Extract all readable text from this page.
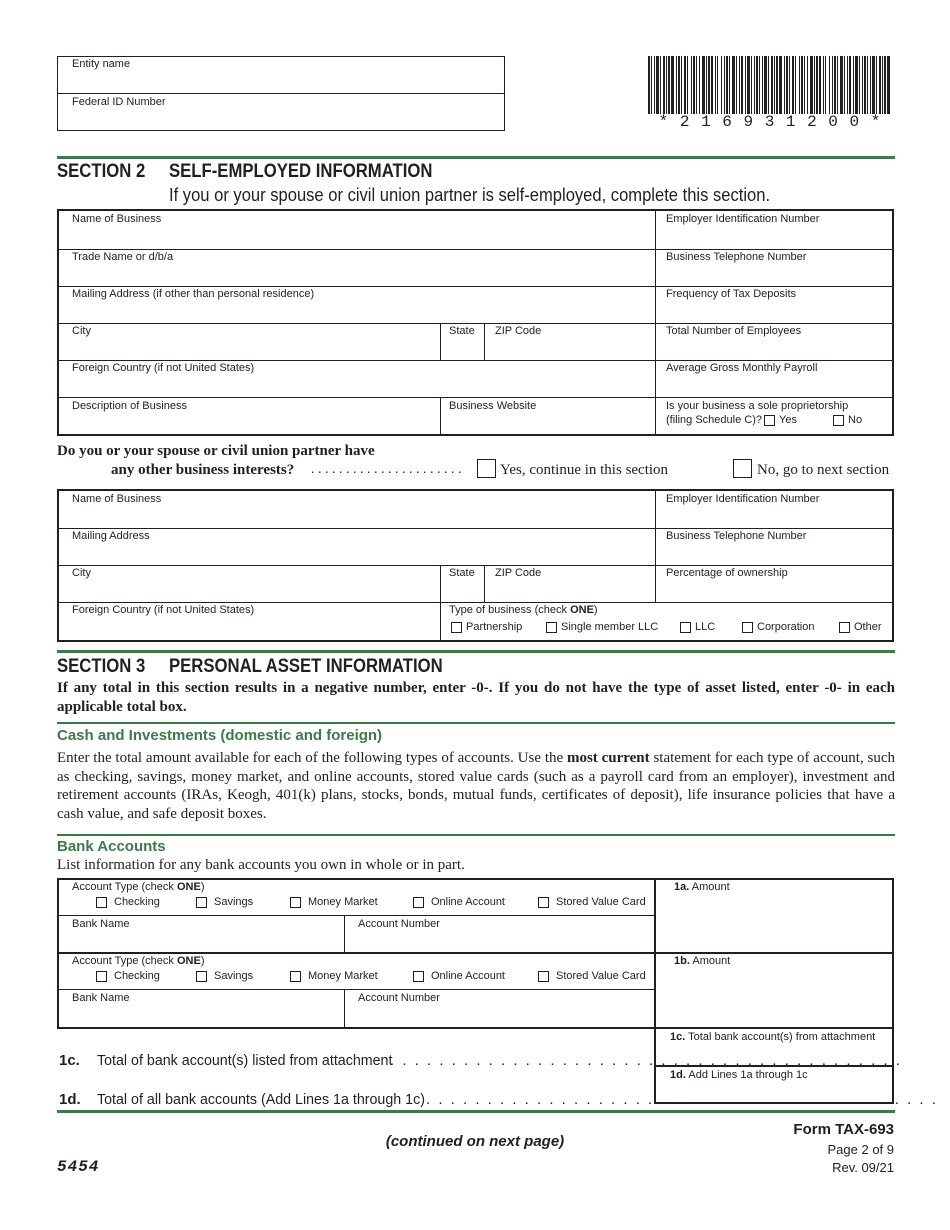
Entity name
Federal ID Number
* 2 1 6 9 3 1 2 0 0 *
SECTION 2 SELF-EMPLOYED INFORMATION
If you or your spouse or civil union partner is self-employed, complete this section.
Name of Business	Employer Identification Number
Trade Name or d/b/a	Business Telephone Number
Mailing Address (if other than personal residence)	Frequency of Tax Deposits
City	State ZIP Code	Total Number of Employees
Foreign Country (if not United States)	Average Gross Monthly Payroll
Description of Business	Business Website	Is your business a sole proprietorship
(filing Schedule C)? Yes	No
Do you or your spouse or civil union partner have
any other business interests? . . . . . . . . . . . . . . . . . . . . . .	Yes, continue in this section	No, go to next section
Name of Business	Employer Identification Number
Mailing Address	Business Telephone Number
City	State ZIP Code	Percentage of ownership
Foreign Country (if not United States)	Type of business (check ONE)
Partnership	Single member LLC	LLC	Corporation	Other
SECTION 3 PERSONAL ASSET INFORMATION
If any total in this section results in a negative number, enter -0-. If you do not have the type of asset listed, enter -0- in each applicable total box.
Cash and Investments (domestic and foreign)
Enter the total amount available for each of the following types of accounts. Use the most current statement for each type of account, such as checking, savings, money market, and online accounts, stored value cards (such as a payroll card from an employer), investment and retirement accounts (IRAs, Keogh, 401(k) plans, stocks, bonds, mutual funds, certificates of deposit), life insurance policies that have a cash value, and safe deposit boxes.
Bank Accounts
List information for any bank accounts you own in whole or in part.
Account Type (check ONE)
Checking	Savings	Money Market	Online Account	Stored Value Card
Bank Name	Account Number
1a. Amount
Account Type (check ONE)
Checking	Savings	Money Market	Online Account	Stored Value Card
Bank Name	Account Number
1b. Amount
1c. Total bank account(s) from attachment
1d. Add Lines 1a through 1c
1c. Total of bank account(s) listed from attachment
. . . . . . . . . . . . . . . . . . . . . . . . . . . . . . . . . . . . . . . . . .
1d. Total of all bank accounts (Add Lines 1a through 1c) . . . . . . . . . . . . . . . . . . . . . . . . . . . . . . . . . . . . . . . . . .
(continued on next page)
Form TAX-693
Page 2 of 9
Rev. 09/21
5454
